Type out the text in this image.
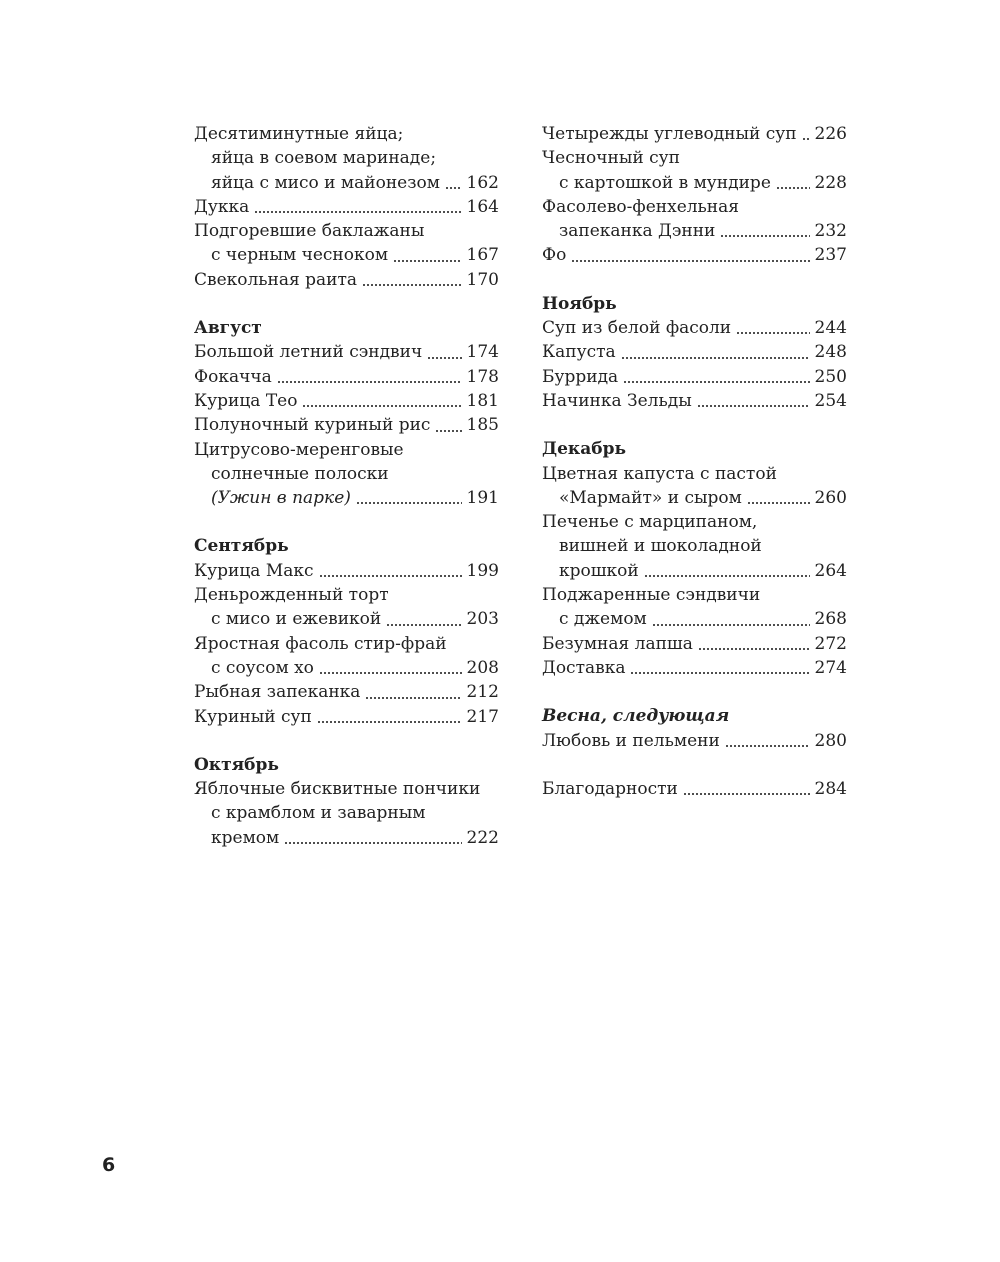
Десятиминутные яйца;
яйца в соевом маринаде;
яйца с мисо и майонезом 162
Дукка	164
Подгоревшие баклажаны
с черным чесноком	167
Свекольная раита	170
Август
Большой летний сэндвич	174
Фокачча	178
Курица Тео	181
Полуночный куриный рис 185
Цитрусово-меренговые
солнечные полоски
(Ужин в парке)	191
Сентябрь
Курица Макс	199
Деньрожденный торт
с мисо и ежевикой	203
Яростная фасоль стир-фрай
с соусом хо	208
Рыбная запеканка	212
Куриный суп	217
Октябрь
Яблочные бисквитные пончики
с крамблом и заварным
кремом	222
Четырежды углеводный суп 226
Чесночный суп
с картошкой в мундире	228
Фасолево-фенхельная
запеканка Дэнни	232
Фо	237
Ноябрь
Суп из белой фасоли	244
Капуста	248
Буррида	250
Начинка Зельды	254
Декабрь
Цветная капуста с пастой
«Мармайт» и сыром	260
Печенье с марципаном,
вишней и шоколадной
крошкой	264
Поджаренные сэндвичи
с джемом	268
Безумная лапша	272
Доставка	274
Весна, следующая
Любовь и пельмени	280
Благодарности	284
6
